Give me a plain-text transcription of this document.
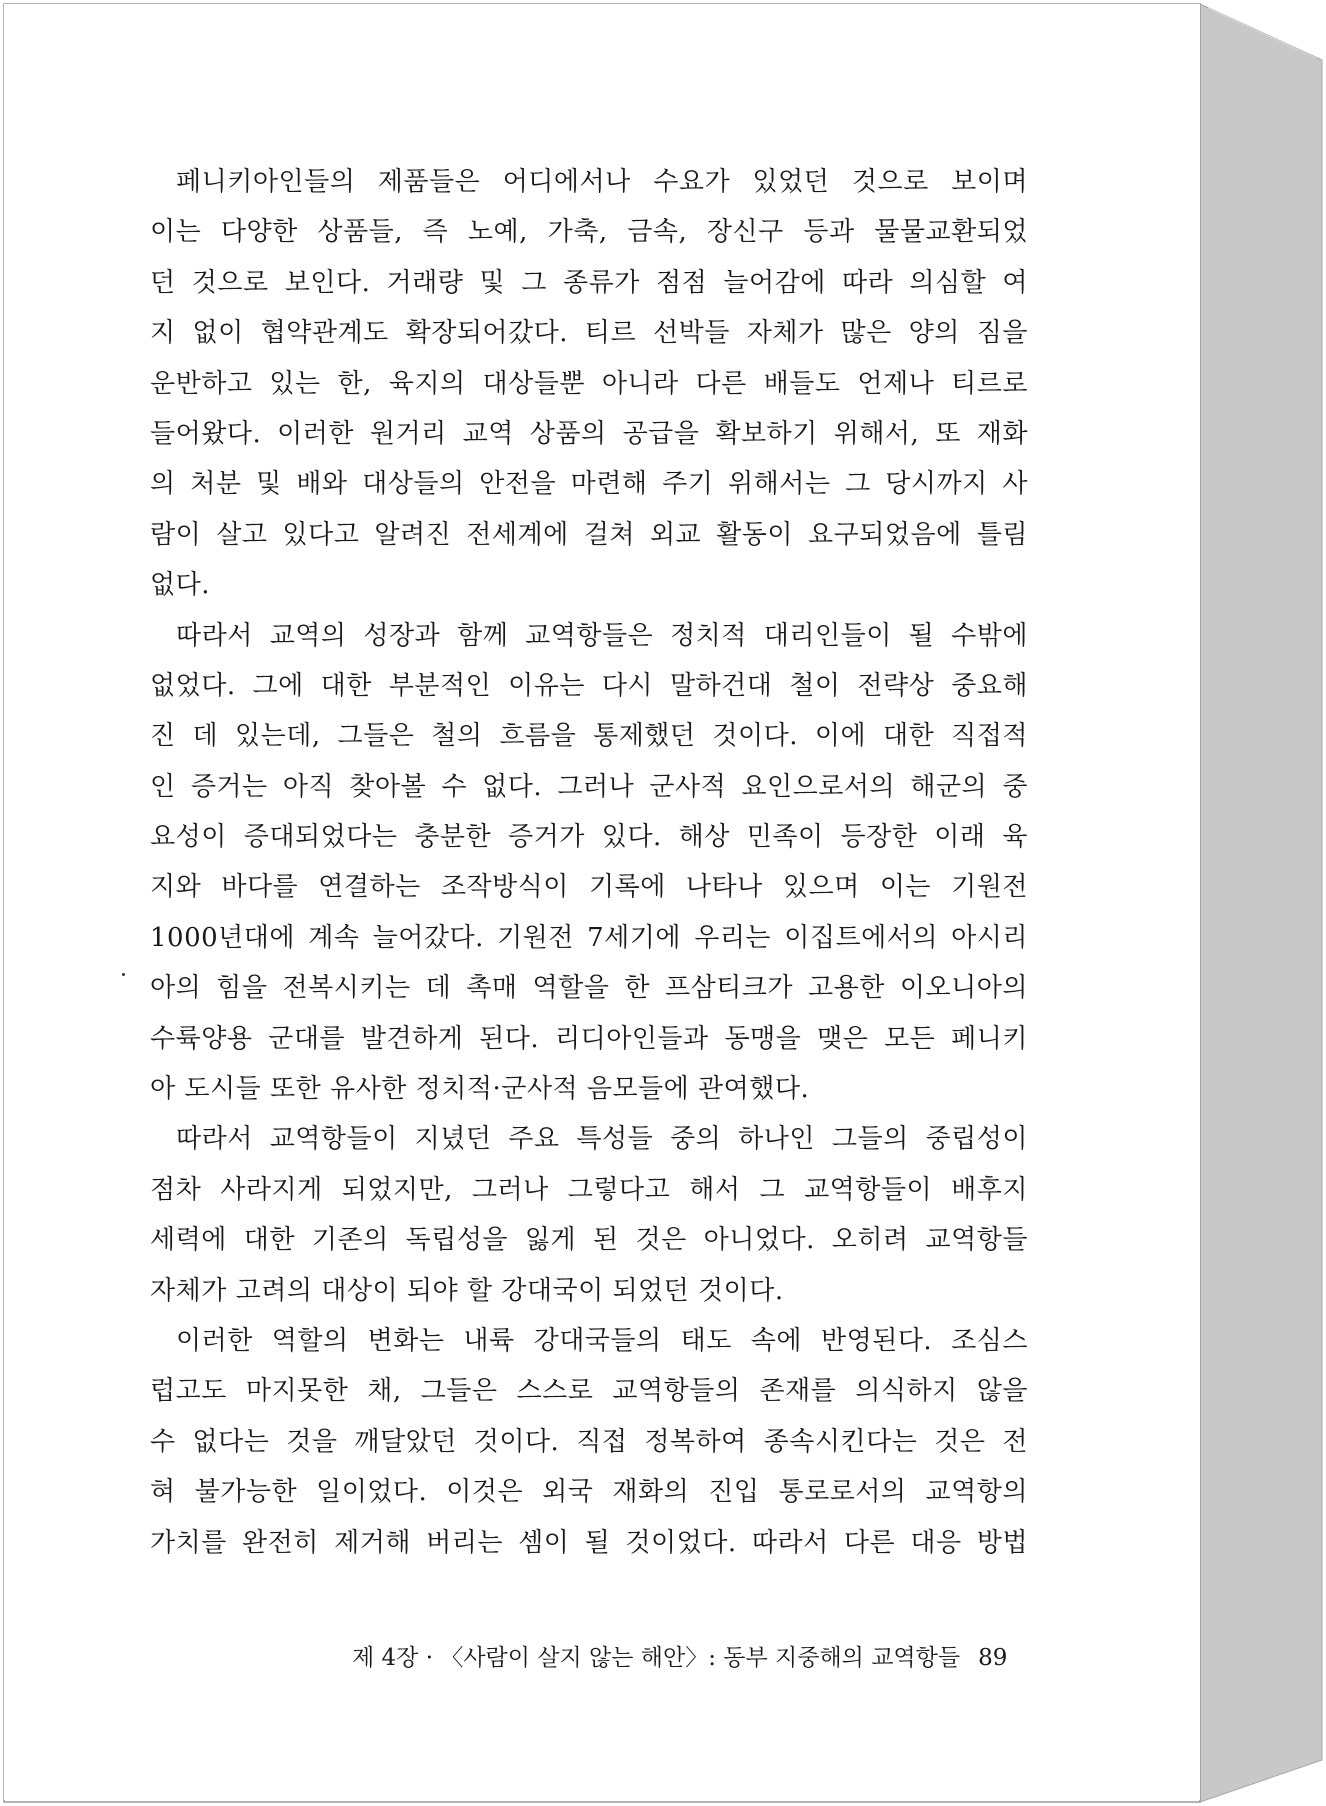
페니키아인들의 제품들은 어디에서나 수요가 있었던 것으로 보이며
이는 다양한 상품들, 즉 노예, 가축, 금속, 장신구 등과 물물교환되었
던 것으로 보인다. 거래량 및 그 종류가 점점 늘어감에 따라 의심할 여
지 없이 협약관계도 확장되어갔다. 티르 선박들 자체가 많은 양의 짐을
운반하고 있는 한, 육지의 대상들뿐 아니라 다른 배들도 언제나 티르로
들어왔다. 이러한 원거리 교역 상품의 공급을 확보하기 위해서, 또 재화
의 처분 및 배와 대상들의 안전을 마련해 주기 위해서는 그 당시까지 사
람이 살고 있다고 알려진 전세계에 걸쳐 외교 활동이 요구되었음에 틀림
없다.
따라서 교역의 성장과 함께 교역항들은 정치적 대리인들이 될 수밖에
없었다. 그에 대한 부분적인 이유는 다시 말하건대 철이 전략상 중요해
진 데 있는데, 그들은 철의 흐름을 통제했던 것이다. 이에 대한 직접적
인 증거는 아직 찾아볼 수 없다. 그러나 군사적 요인으로서의 해군의 중
요성이 증대되었다는 충분한 증거가 있다. 해상 민족이 등장한 이래 육
지와 바다를 연결하는 조작방식이 기록에 나타나 있으며 이는 기원전
1000년대에 계속 늘어갔다. 기원전 7세기에 우리는 이집트에서의 아시리
아의 힘을 전복시키는 데 촉매 역할을 한 프삼티크가 고용한 이오니아의
수륙양용 군대를 발견하게 된다. 리디아인들과 동맹을 맺은 모든 페니키
아 도시들 또한 유사한 정치적·군사적 음모들에 관여했다.
따라서 교역항들이 지녔던 주요 특성들 중의 하나인 그들의 중립성이
점차 사라지게 되었지만, 그러나 그렇다고 해서 그 교역항들이 배후지
세력에 대한 기존의 독립성을 잃게 된 것은 아니었다. 오히려 교역항들
자체가 고려의 대상이 되야 할 강대국이 되었던 것이다.
이러한 역할의 변화는 내륙 강대국들의 태도 속에 반영된다. 조심스
럽고도 마지못한 채, 그들은 스스로 교역항들의 존재를 의식하지 않을
수 없다는 것을 깨달았던 것이다. 직접 정복하여 종속시킨다는 것은 전
혀 불가능한 일이었다. 이것은 외국 재화의 진입 통로로서의 교역항의
가치를 완전히 제거해 버리는 셈이 될 것이었다. 따라서 다른 대응 방법
제 4장 · 〈사람이 살지 않는 해안〉: 동부 지중해의 교역항들 89
